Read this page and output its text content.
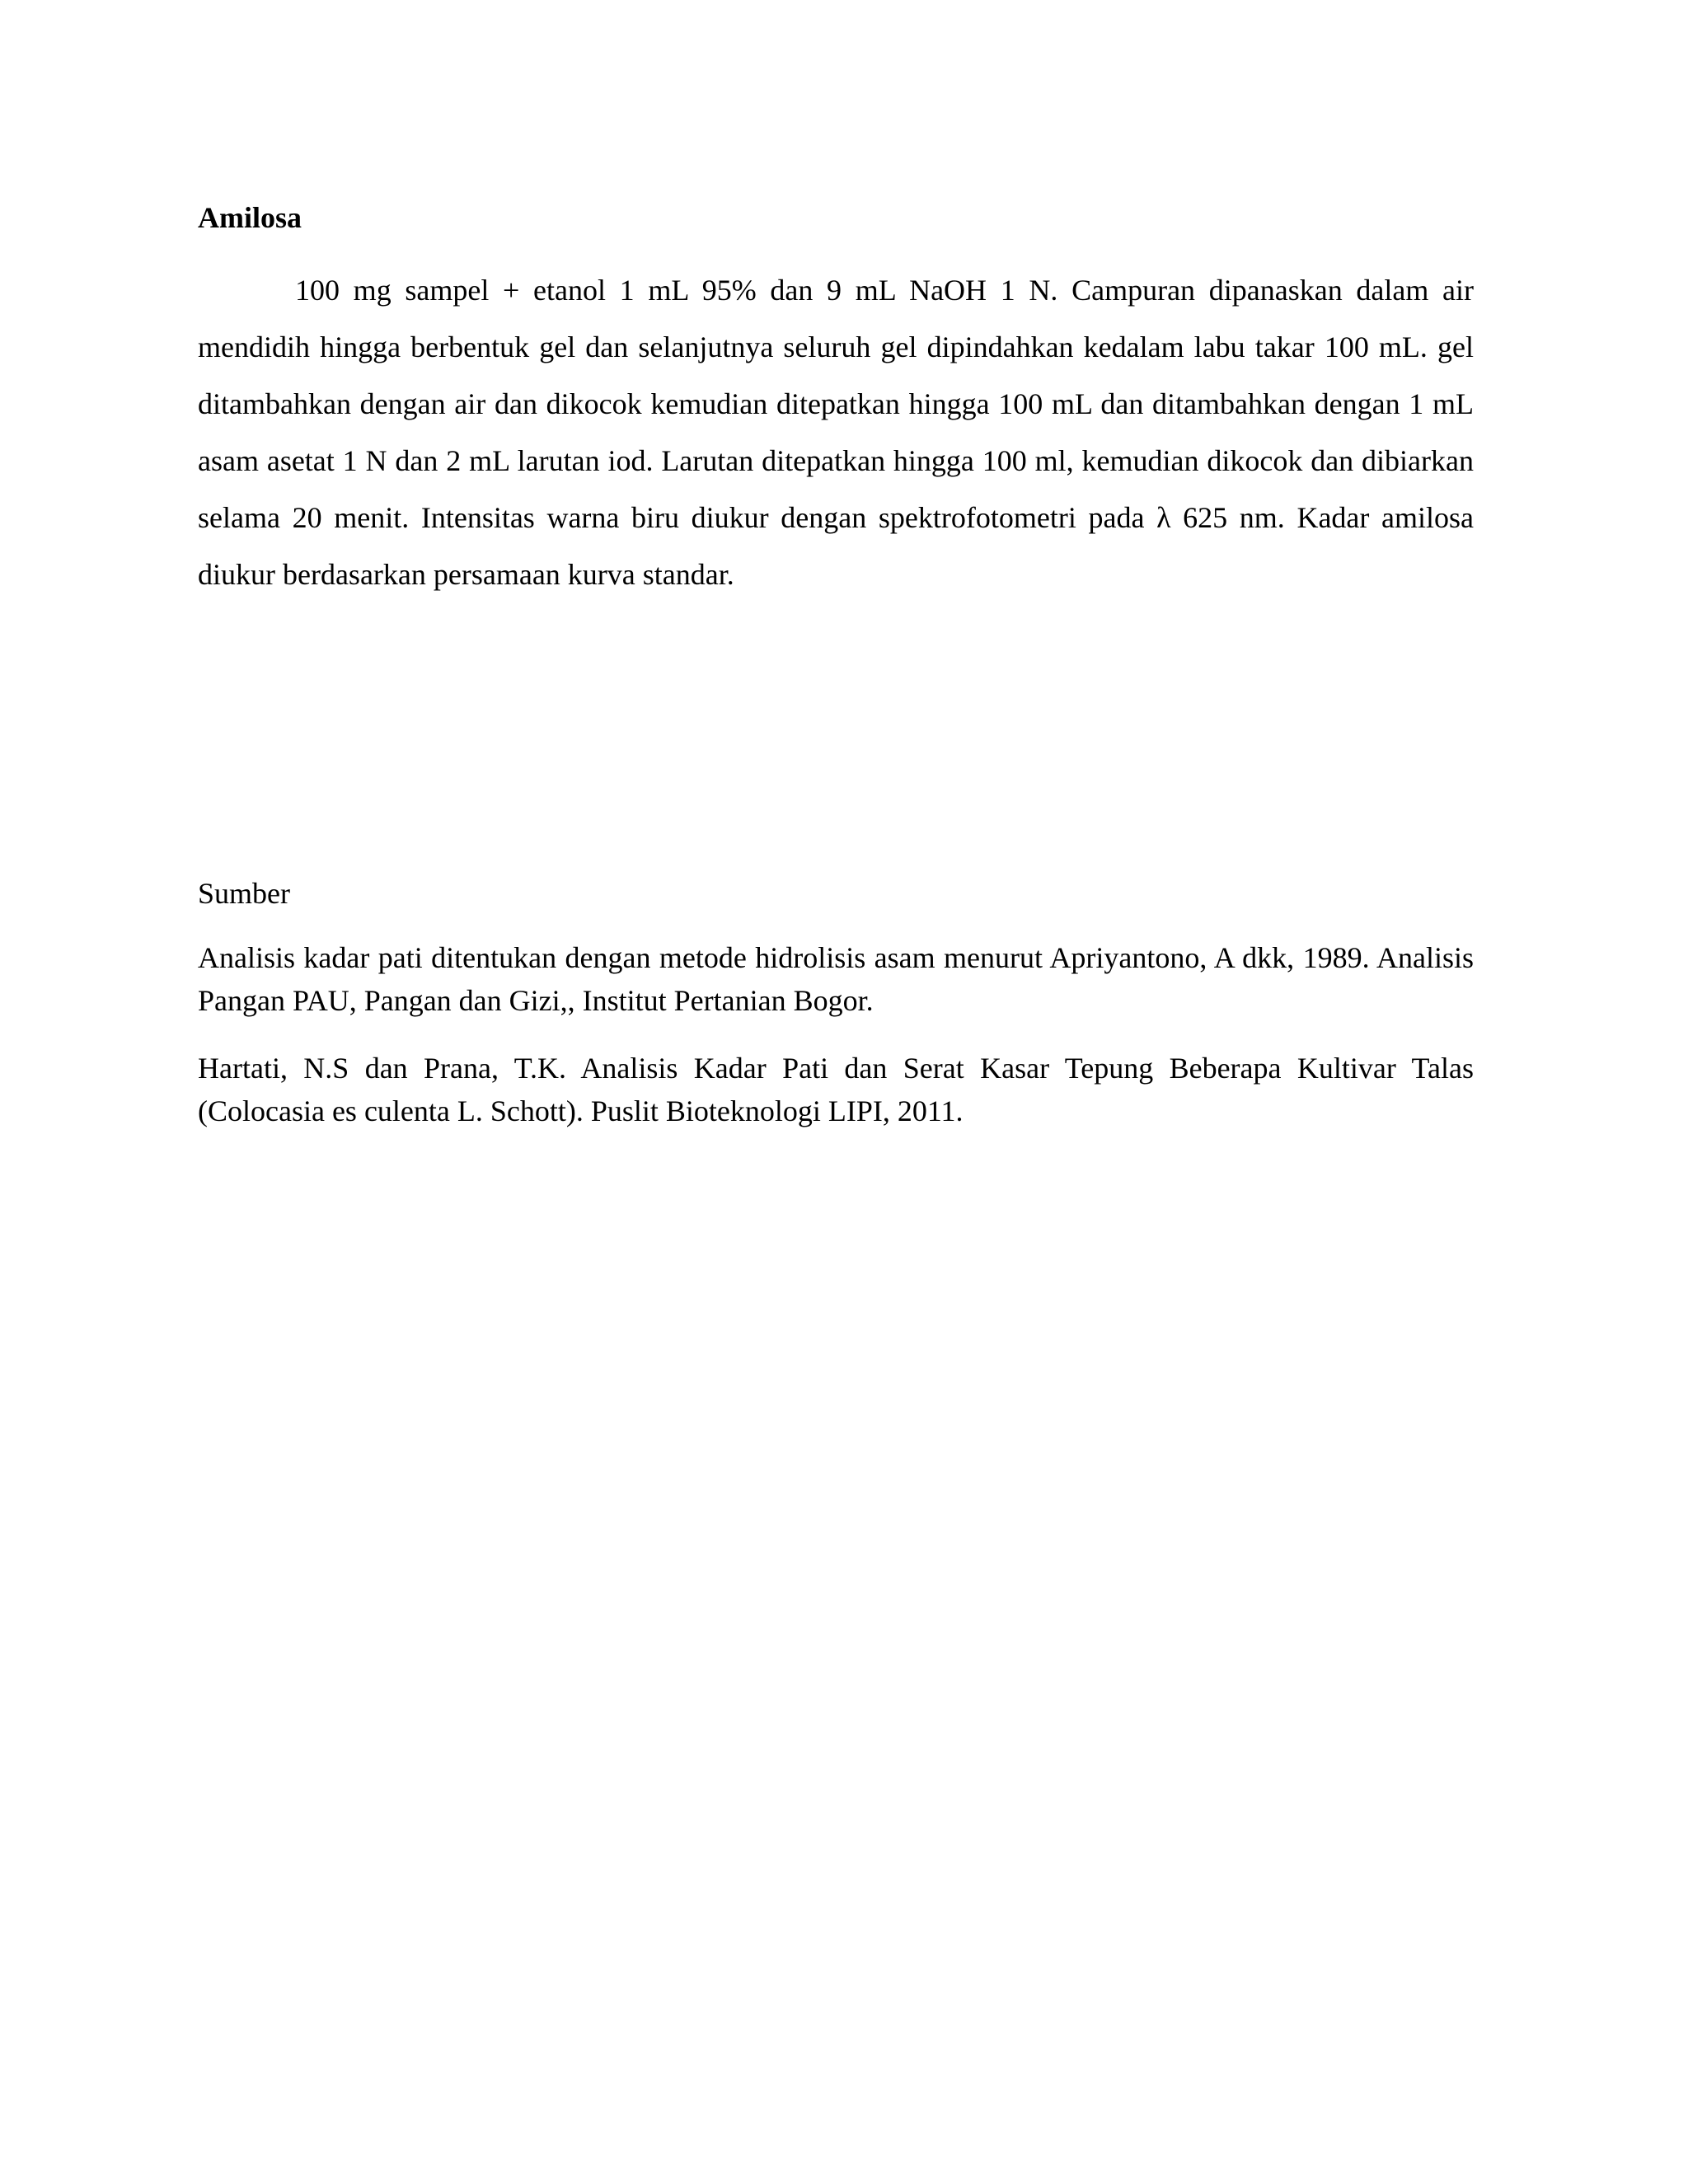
Amilosa

100 mg sampel + etanol 1 mL 95% dan 9 mL NaOH 1 N. Campuran dipanaskan dalam air mendidih hingga berbentuk gel dan selanjutnya seluruh gel dipindahkan kedalam labu takar 100 mL. gel ditambahkan dengan air dan dikocok kemudian ditepatkan hingga 100 mL dan ditambahkan dengan 1 mL asam asetat 1 N dan 2 mL larutan iod. Larutan ditepatkan hingga 100 ml, kemudian dikocok dan dibiarkan selama 20 menit. Intensitas warna biru diukur dengan spektrofotometri pada λ 625 nm. Kadar amilosa diukur berdasarkan persamaan kurva standar.

Sumber

Analisis kadar pati ditentukan dengan metode hidrolisis asam menurut Apriyantono, A dkk, 1989. Analisis Pangan PAU, Pangan dan Gizi,, Institut Pertanian Bogor.

Hartati, N.S dan Prana, T.K. Analisis Kadar Pati dan Serat Kasar Tepung Beberapa Kultivar Talas (Colocasia es culenta L. Schott). Puslit Bioteknologi LIPI, 2011.
